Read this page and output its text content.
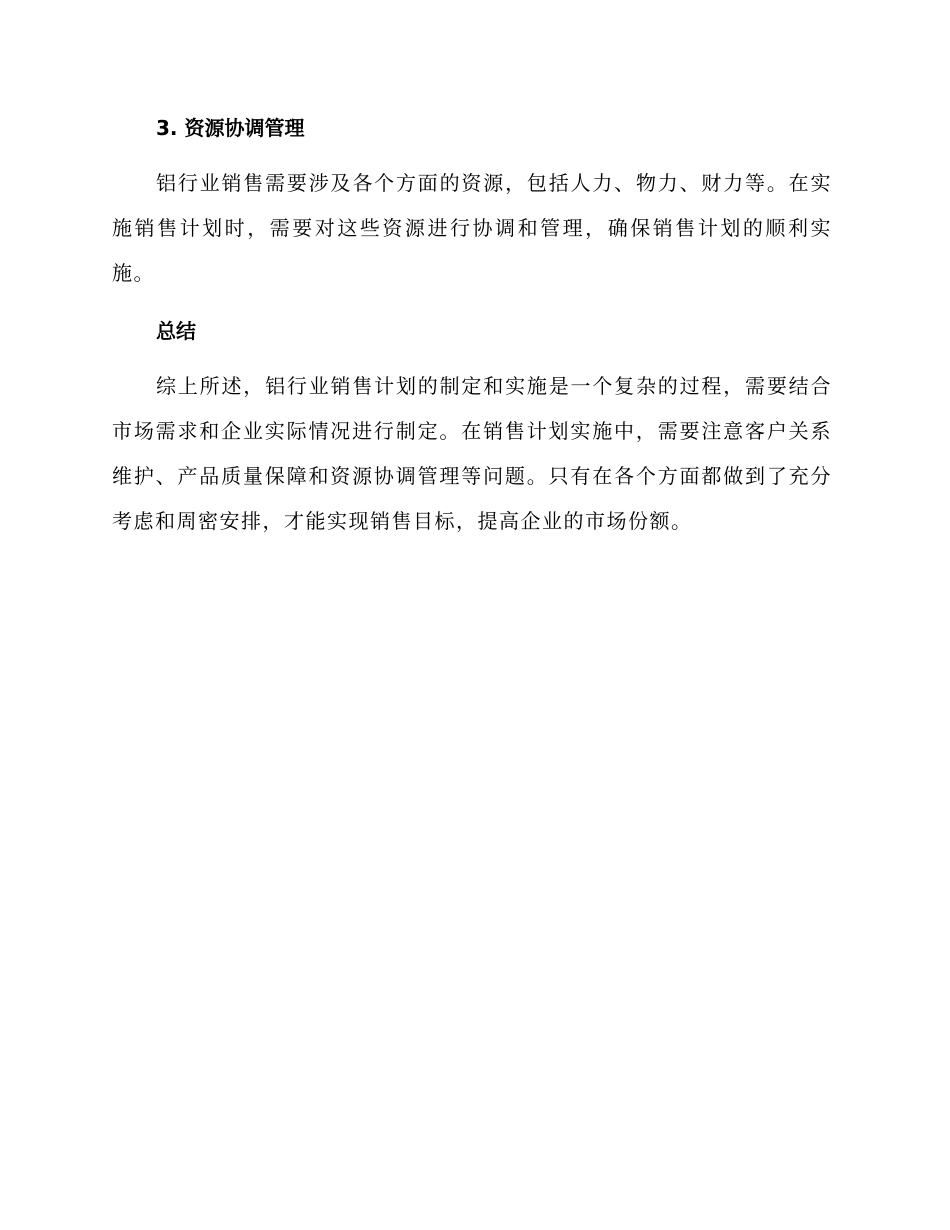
3. 资源协调管理

铝行业销售需要涉及各个方面的资源，包括人力、物力、财力等。在实施销售计划时，需要对这些资源进行协调和管理，确保销售计划的顺利实施。

总结

综上所述，铝行业销售计划的制定和实施是一个复杂的过程，需要结合市场需求和企业实际情况进行制定。在销售计划实施中，需要注意客户关系维护、产品质量保障和资源协调管理等问题。只有在各个方面都做到了充分考虑和周密安排，才能实现销售目标，提高企业的市场份额。
